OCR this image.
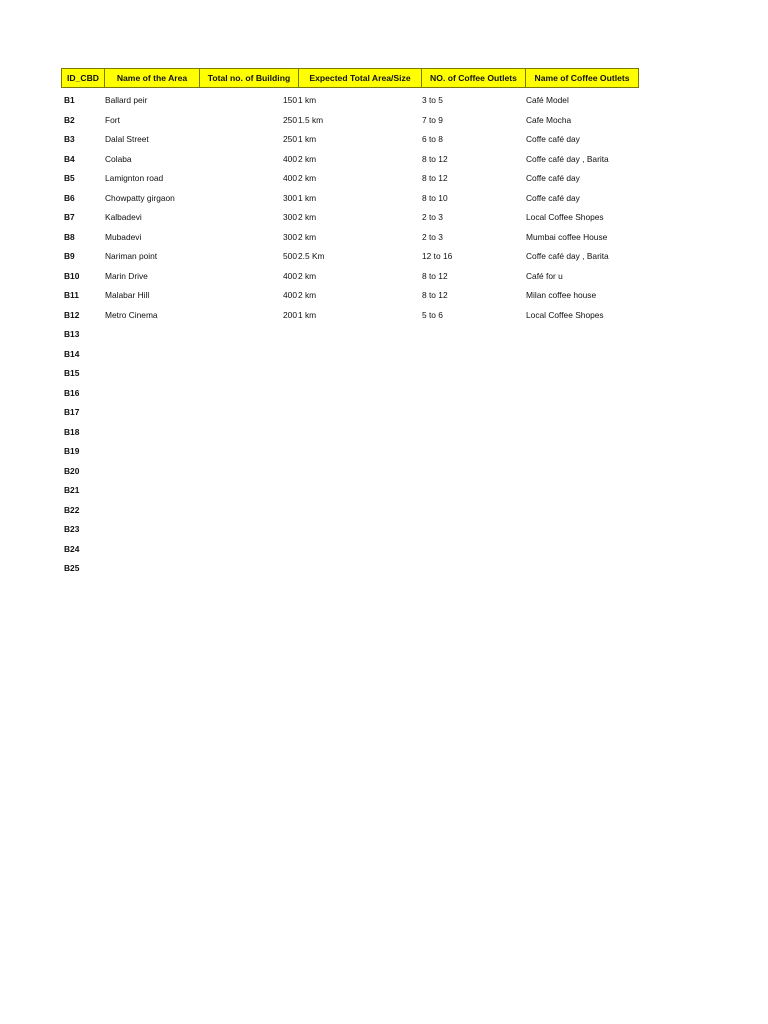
ID_CBD	Name of the Area	Total no. of Building	Expected Total Area/Size	NO. of Coffee Outlets	Name of Coffee Outlets
B1	Ballard peir	150 1 km	3 to 5	Café Model
B2	Fort	250 1.5 km	7 to 9	Cafe Mocha
B3	Dalal Street	250 1 km	6 to 8	Coffe café day
B4	Colaba	400 2 km	8 to 12	Coffe café day , Barita
B5	Lamignton road	400 2 km	8 to 12	Coffe café day
B6	Chowpatty girgaon	300 1 km	8 to 10	Coffe café day
B7	Kalbadevi	300 2 km	2 to 3	Local Coffee Shopes
B8	Mubadevi	300 2 km	2 to 3	Mumbai coffee House
B9	Nariman point	500 2.5 Km	12 to 16	Coffe café day , Barita
B10	Marin Drive	400 2 km	8 to 12	Café for u
B11	Malabar Hill	400 2 km	8 to 12	Milan coffee house
B12	Metro Cinema	200 1 km	5 to 6	Local Coffee Shopes
B13
B14
B15
B16
B17
B18
B19
B20
B21
B22
B23
B24
B25
